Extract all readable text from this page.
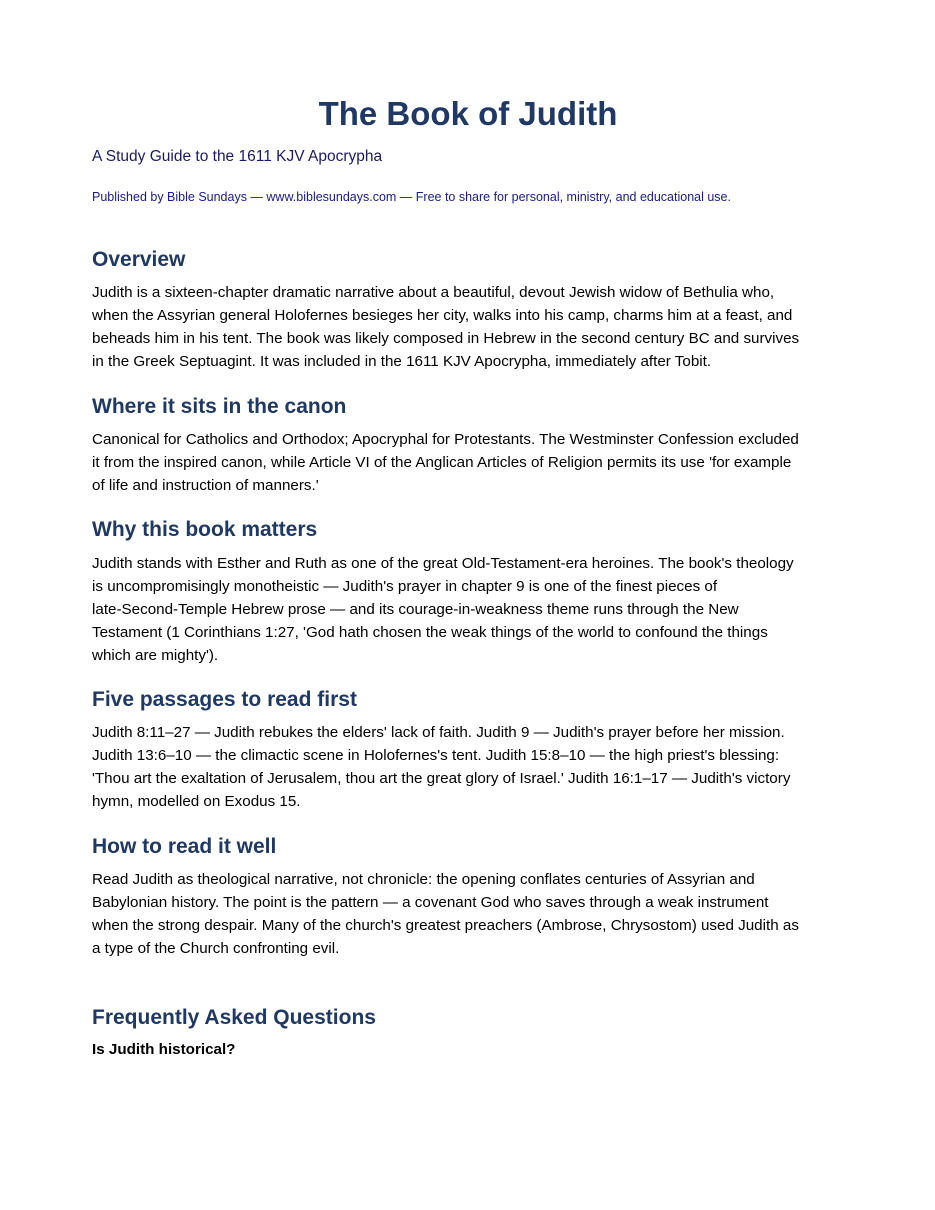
The Book of Judith

A Study Guide to the 1611 KJV Apocrypha

Published by Bible Sundays — www.biblesundays.com — Free to share for personal, ministry, and educational use.

Overview
Judith is a sixteen-chapter dramatic narrative about a beautiful, devout Jewish widow of Bethulia who,
when the Assyrian general Holofernes besieges her city, walks into his camp, charms him at a feast, and
beheads him in his tent. The book was likely composed in Hebrew in the second century BC and survives
in the Greek Septuagint. It was included in the 1611 KJV Apocrypha, immediately after Tobit.
Where it sits in the canon
Canonical for Catholics and Orthodox; Apocryphal for Protestants. The Westminster Confession excluded
it from the inspired canon, while Article VI of the Anglican Articles of Religion permits its use 'for example
of life and instruction of manners.'
Why this book matters
Judith stands with Esther and Ruth as one of the great Old-Testament-era heroines. The book's theology
is uncompromisingly monotheistic — Judith's prayer in chapter 9 is one of the finest pieces of
late-Second-Temple Hebrew prose — and its courage-in-weakness theme runs through the New
Testament (1 Corinthians 1:27, 'God hath chosen the weak things of the world to confound the things
which are mighty').
Five passages to read first
Judith 8:11–27 — Judith rebukes the elders' lack of faith. Judith 9 — Judith's prayer before her mission.
Judith 13:6–10 — the climactic scene in Holofernes's tent. Judith 15:8–10 — the high priest's blessing:
'Thou art the exaltation of Jerusalem, thou art the great glory of Israel.' Judith 16:1–17 — Judith's victory
hymn, modelled on Exodus 15.
How to read it well
Read Judith as theological narrative, not chronicle: the opening conflates centuries of Assyrian and
Babylonian history. The point is the pattern — a covenant God who saves through a weak instrument
when the strong despair. Many of the church's greatest preachers (Ambrose, Chrysostom) used Judith as
a type of the Church confronting evil.
Frequently Asked Questions

Is Judith historical?
